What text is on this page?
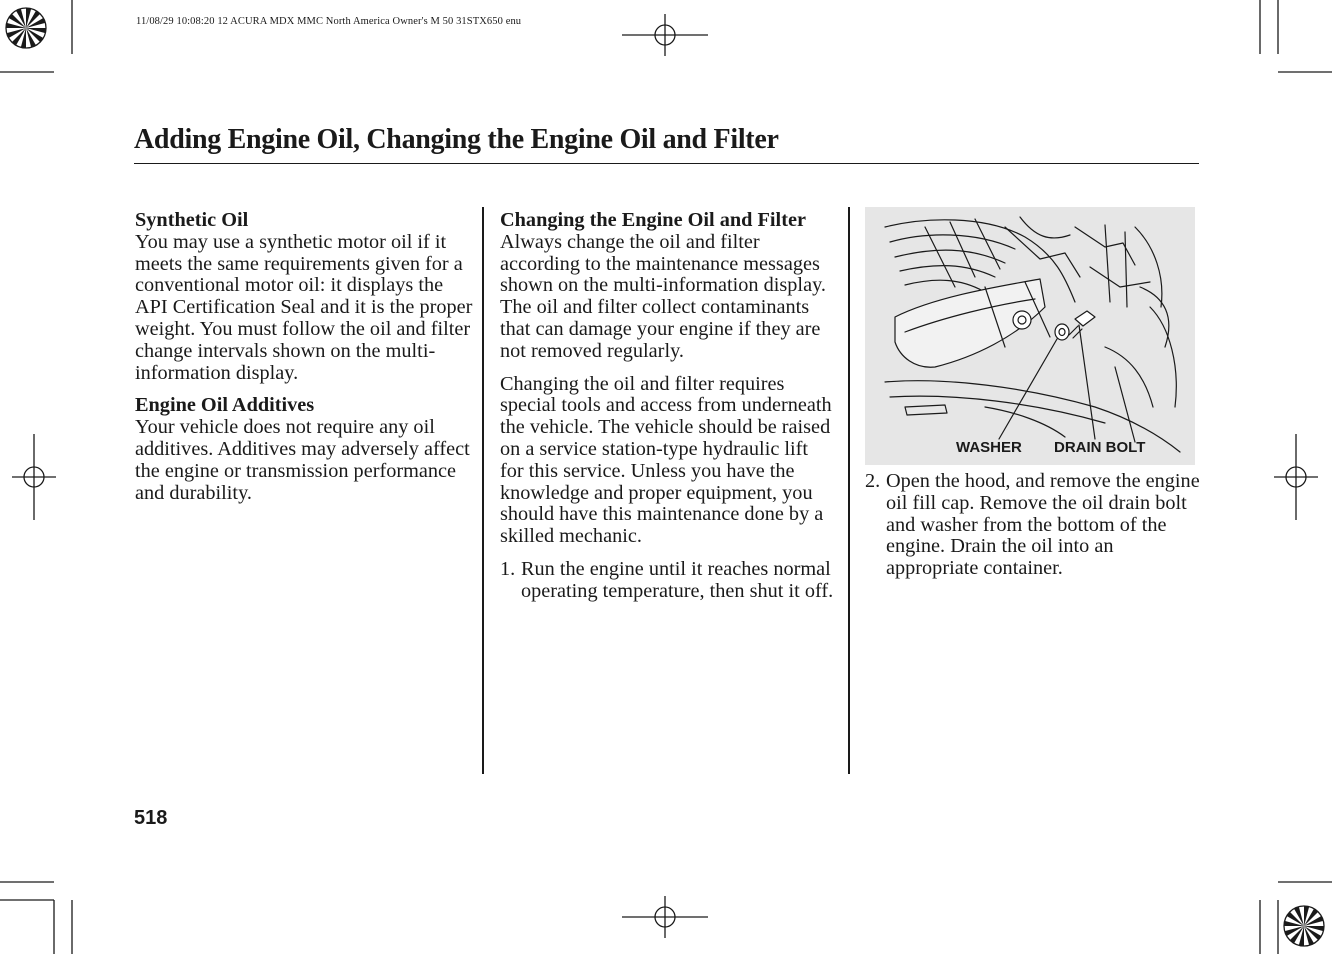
11/08/29 10:08:20 12 ACURA MDX MMC North America Owner's M 50 31STX650 enu
Adding Engine Oil, Changing the Engine Oil and Filter

Synthetic Oil
You may use a synthetic motor oil if it meets the same requirements given for a conventional motor oil: it displays the API Certification Seal and it is the proper weight. You must follow the oil and filter change intervals shown on the multi-information display.

Engine Oil Additives
Your vehicle does not require any oil additives. Additives may adversely affect the engine or transmission performance and durability.

Changing the Engine Oil and Filter
Always change the oil and filter according to the maintenance messages shown on the multi-information display. The oil and filter collect contaminants that can damage your engine if they are not removed regularly.

Changing the oil and filter requires special tools and access from underneath the vehicle. The vehicle should be raised on a service station-type hydraulic lift for this service. Unless you have the knowledge and proper equipment, you should have this maintenance done by a skilled mechanic.

1. Run the engine until it reaches normal operating temperature, then shut it off.
WASHER DRAIN BOLT
2. Open the hood, and remove the engine oil fill cap. Remove the oil drain bolt and washer from the bottom of the engine. Drain the oil into an appropriate container.
518
